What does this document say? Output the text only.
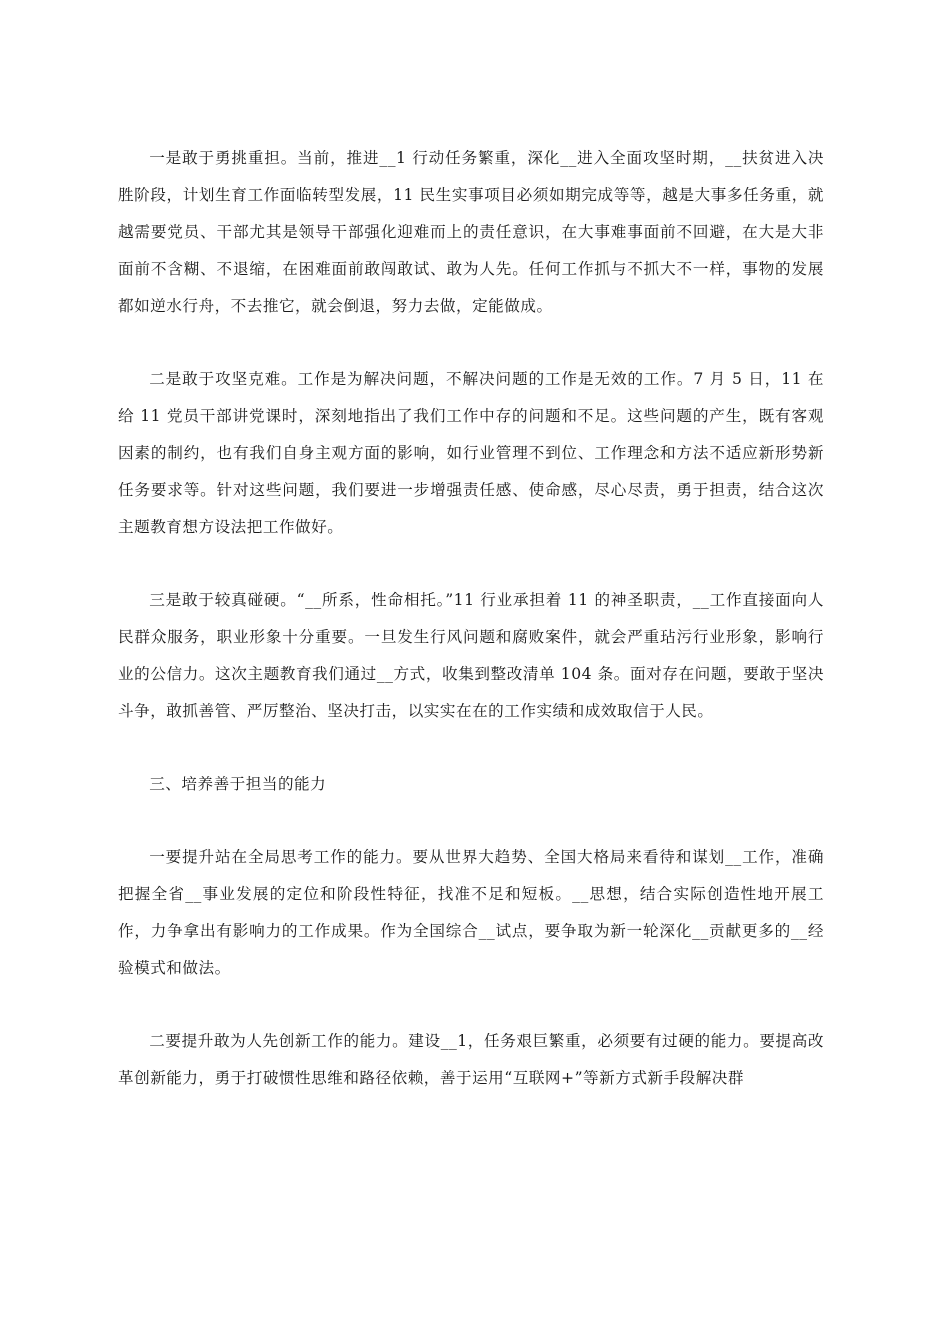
一是敢于勇挑重担。当前，推进__1 行动任务繁重，深化__进入全面攻坚时期，__扶贫进入决胜阶段，计划生育工作面临转型发展，11 民生实事项目必须如期完成等等，越是大事多任务重，就越需要党员、干部尤其是领导干部强化迎难而上的责任意识，在大事难事面前不回避，在大是大非面前不含糊、不退缩，在困难面前敢闯敢试、敢为人先。任何工作抓与不抓大不一样，事物的发展都如逆水行舟，不去推它，就会倒退，努力去做，定能做成。

二是敢于攻坚克难。工作是为解决问题，不解决问题的工作是无效的工作。7 月 5 日，11 在给 11 党员干部讲党课时，深刻地指出了我们工作中存的问题和不足。这些问题的产生，既有客观因素的制约，也有我们自身主观方面的影响，如行业管理不到位、工作理念和方法不适应新形势新任务要求等。针对这些问题，我们要进一步增强责任感、使命感，尽心尽责，勇于担责，结合这次主题教育想方设法把工作做好。

三是敢于较真碰硬。“__所系，性命相托。”11 行业承担着 11 的神圣职责，__工作直接面向人民群众服务，职业形象十分重要。一旦发生行风问题和腐败案件，就会严重玷污行业形象，影响行业的公信力。这次主题教育我们通过__方式，收集到整改清单 104 条。面对存在问题，要敢于坚决斗争，敢抓善管、严厉整治、坚决打击，以实实在在的工作实绩和成效取信于人民。

三、培养善于担当的能力

一要提升站在全局思考工作的能力。要从世界大趋势、全国大格局来看待和谋划__工作，准确把握全省__事业发展的定位和阶段性特征，找准不足和短板。__思想，结合实际创造性地开展工作，力争拿出有影响力的工作成果。作为全国综合__试点，要争取为新一轮深化__贡献更多的__经验模式和做法。

二要提升敢为人先创新工作的能力。建设__1，任务艰巨繁重，必须要有过硬的能力。要提高改革创新能力，勇于打破惯性思维和路径依赖，善于运用“互联网+”等新方式新手段解决群
